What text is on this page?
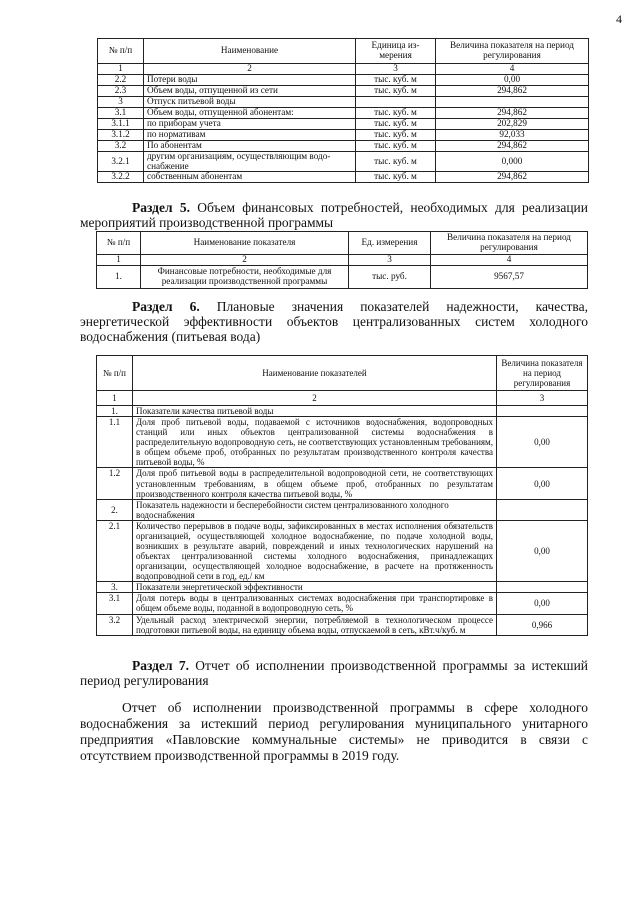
4
№ п/п	Наименование	Единица из-мерения	Величина показателя на период регулирования
1	2	3	4
2.2	Потери воды	тыс. куб. м	0,00
2.3	Объем воды, отпущенной из сети	тыс. куб. м	294,862
3	Отпуск питьевой воды		
3.1	Объем воды, отпущенной абонентам:	тыс. куб. м	294,862
3.1.1	по приборам учета	тыс. куб. м	202,829
3.1.2	по нормативам	тыс. куб. м	92,033
3.2	По абонентам	тыс. куб. м	294,862
3.2.1	другим организациям, осуществляющим водо-снабжение	тыс. куб. м	0,000
3.2.2	собственным абонентам	тыс. куб. м	294,862
Раздел 5. Объем финансовых потребностей, необходимых для реализации мероприятий производственной программы
№ п/п	Наименование показателя	Ед. измерения	Величина показателя на период регулирования
1	2	3	4
1.	Финансовые потребности, необходимые для реализации производственной программы	тыс. руб.	9567,57
Раздел 6. Плановые значения показателей надежности, качества, энергетической эффективности объектов централизованных систем холодного водоснабжения (питьевая вода)
№ п/п	Наименование показателей	Величина показателя на период регулирования
1	2	3
1.	Показатели качества питьевой воды	
1.1	Доля проб питьевой воды, подаваемой с источников водоснабжения, водопроводных станций или иных объектов централизованной системы водоснабжения в распределительную водопроводную сеть, не соответствующих установленным требованиям, в общем объеме проб, отобранных по результатам производственного контроля качества питьевой воды, %	0,00
1.2	Доля проб питьевой воды в распределительной водопроводной сети, не соответствующих установленным требованиям, в общем объеме проб, отобранных по результатам производственного контроля качества питьевой воды, %	0,00
2.	Показатель надежности и бесперебойности систем централизованного холодного водоснабжения	
2.1	Количество перерывов в подаче воды, зафиксированных в местах исполнения обязательств организацией, осуществляющей холодное водоснабжение, по подаче холодной воды, возникших в результате аварий, повреждений и иных технологических нарушений на объектах централизованной системы холодного водоснабжения, принадлежащих организации, осуществляющей холодное водоснабжение, в расчете на протяженность водопроводной сети в год, ед./ км	0,00
3.	Показатели энергетической эффективности	
3.1	Доля потерь воды в централизованных системах водоснабжения при транспортировке в общем объеме воды, поданной в водопроводную сеть, %	0,00
3.2	Удельный расход электрической энергии, потребляемой в технологическом процессе подготовки питьевой воды, на единицу объема воды, отпускаемой в сеть, кВт.ч/куб. м	0,966
Раздел 7. Отчет об исполнении производственной программы за истекший период регулирования
Отчет об исполнении производственной программы в сфере холодного водоснабжения за истекший период регулирования муниципального унитарного предприятия «Павловские коммунальные системы» не приводится в связи с отсутствием производственной программы в 2019 году.
